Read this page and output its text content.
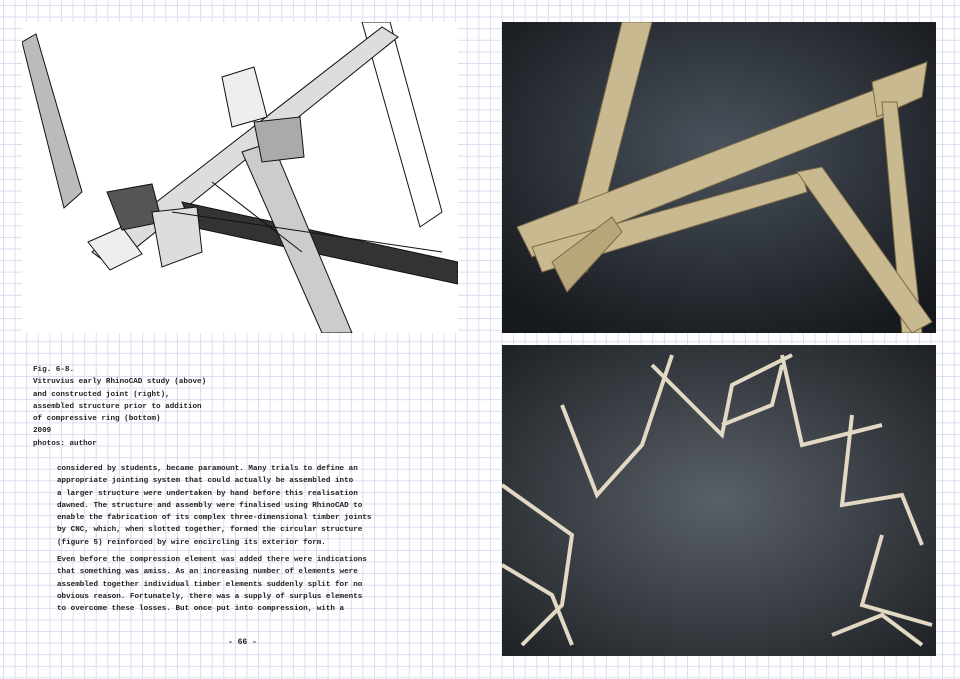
Fig. 6-8.
Vitruvius early RhinoCAD study (above)
and constructed joint (right),
assembled structure prior to addition
of compressive ring (bottom)
2009
photos: author
considered by students, became paramount. Many trials to define an
appropriate jointing system that could actually be assembled into
a larger structure were undertaken by hand before this realisation
dawned. The structure and assembly were finalised using RhinoCAD to
enable the fabrication of its complex three-dimensional timber joints
by CNC, which, when slotted together, formed the circular structure
(figure 5) reinforced by wire encircling its exterior form.
Even before the compression element was added there were indications
that something was amiss. As an increasing number of elements were
assembled together individual timber elements suddenly split for no
obvious reason. Fortunately, there was a supply of surplus elements
to overcome these losses. But once put into compression, with a
- 66 -
